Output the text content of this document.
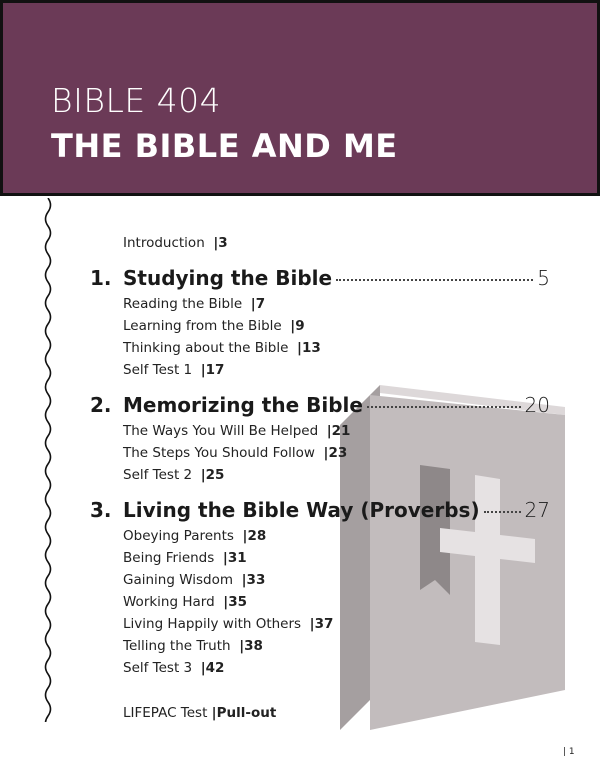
BIBLE 404
THE BIBLE AND ME
Introduction |3
1. Studying the Bible	5
Reading the Bible |7
Learning from the Bible |9
Thinking about the Bible |13
Self Test 1 |17
2. Memorizing the Bible	20
The Ways You Will Be Helped |21
The Steps You Should Follow |23
Self Test 2 |25
3. Living the Bible Way (Proverbs) 27
Obeying Parents |28
Being Friends |31
Gaining Wisdom |33
Working Hard |35
Living Happily with Others |37
Telling the Truth |38
Self Test 3 |42
LIFEPAC Test |Pull-out
| 1
